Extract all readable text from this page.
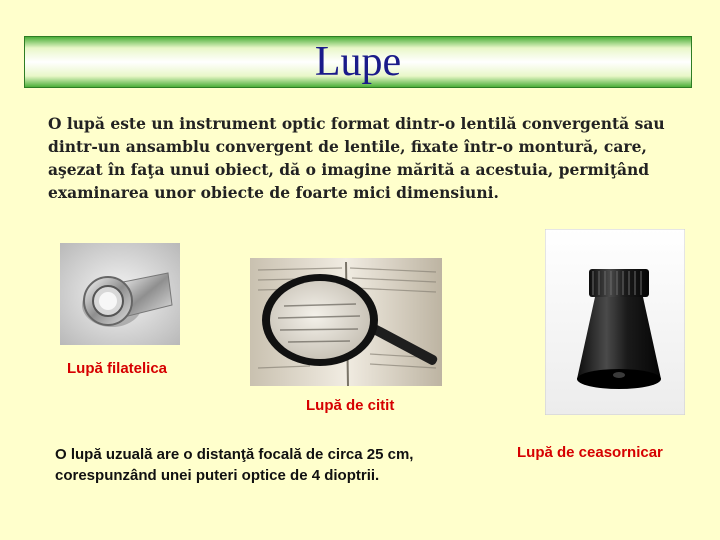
Lupe
O lupă este un instrument optic format dintr-o lentilă convergentă sau dintr-un ansamblu convergent de lentile, fixate într-o montură, care, aşezat în faţa unui obiect, dă o imagine mărită a acestuia, permiţând examinarea unor obiecte de foarte mici dimensiuni.
Lupă filatelica
Lupă de citit
Lupă de ceasornicar
O lupă uzuală are o distanţă focală de circa 25 cm, corespunzând unei puteri optice de 4 dioptrii.
